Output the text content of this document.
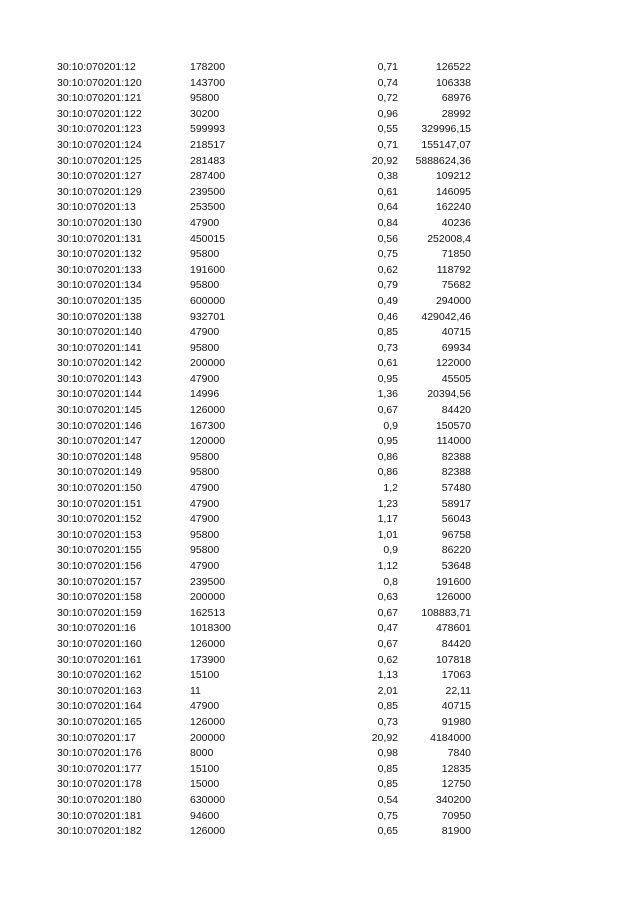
30:10:070201:12	178200	0,71	126522
30:10:070201:120	143700	0,74	106338
30:10:070201:121	95800	0,72	68976
30:10:070201:122	30200	0,96	28992
30:10:070201:123	599993	0,55	329996,15
30:10:070201:124	218517	0,71	155147,07
30:10:070201:125	281483	20,92	5888624,36
30:10:070201:127	287400	0,38	109212
30:10:070201:129	239500	0,61	146095
30:10:070201:13	253500	0,64	162240
30:10:070201:130	47900	0,84	40236
30:10:070201:131	450015	0,56	252008,4
30:10:070201:132	95800	0,75	71850
30:10:070201:133	191600	0,62	118792
30:10:070201:134	95800	0,79	75682
30:10:070201:135	600000	0,49	294000
30:10:070201:138	932701	0,46	429042,46
30:10:070201:140	47900	0,85	40715
30:10:070201:141	95800	0,73	69934
30:10:070201:142	200000	0,61	122000
30:10:070201:143	47900	0,95	45505
30:10:070201:144	14996	1,36	20394,56
30:10:070201:145	126000	0,67	84420
30:10:070201:146	167300	0,9	150570
30:10:070201:147	120000	0,95	114000
30:10:070201:148	95800	0,86	82388
30:10:070201:149	95800	0,86	82388
30:10:070201:150	47900	1,2	57480
30:10:070201:151	47900	1,23	58917
30:10:070201:152	47900	1,17	56043
30:10:070201:153	95800	1,01	96758
30:10:070201:155	95800	0,9	86220
30:10:070201:156	47900	1,12	53648
30:10:070201:157	239500	0,8	191600
30:10:070201:158	200000	0,63	126000
30:10:070201:159	162513	0,67	108883,71
30:10:070201:16	1018300	0,47	478601
30:10:070201:160	126000	0,67	84420
30:10:070201:161	173900	0,62	107818
30:10:070201:162	15100	1,13	17063
30:10:070201:163	11	2,01	22,11
30:10:070201:164	47900	0,85	40715
30:10:070201:165	126000	0,73	91980
30:10:070201:17	200000	20,92	4184000
30:10:070201:176	8000	0,98	7840
30:10:070201:177	15100	0,85	12835
30:10:070201:178	15000	0,85	12750
30:10:070201:180	630000	0,54	340200
30:10:070201:181	94600	0,75	70950
30:10:070201:182	126000	0,65	81900
